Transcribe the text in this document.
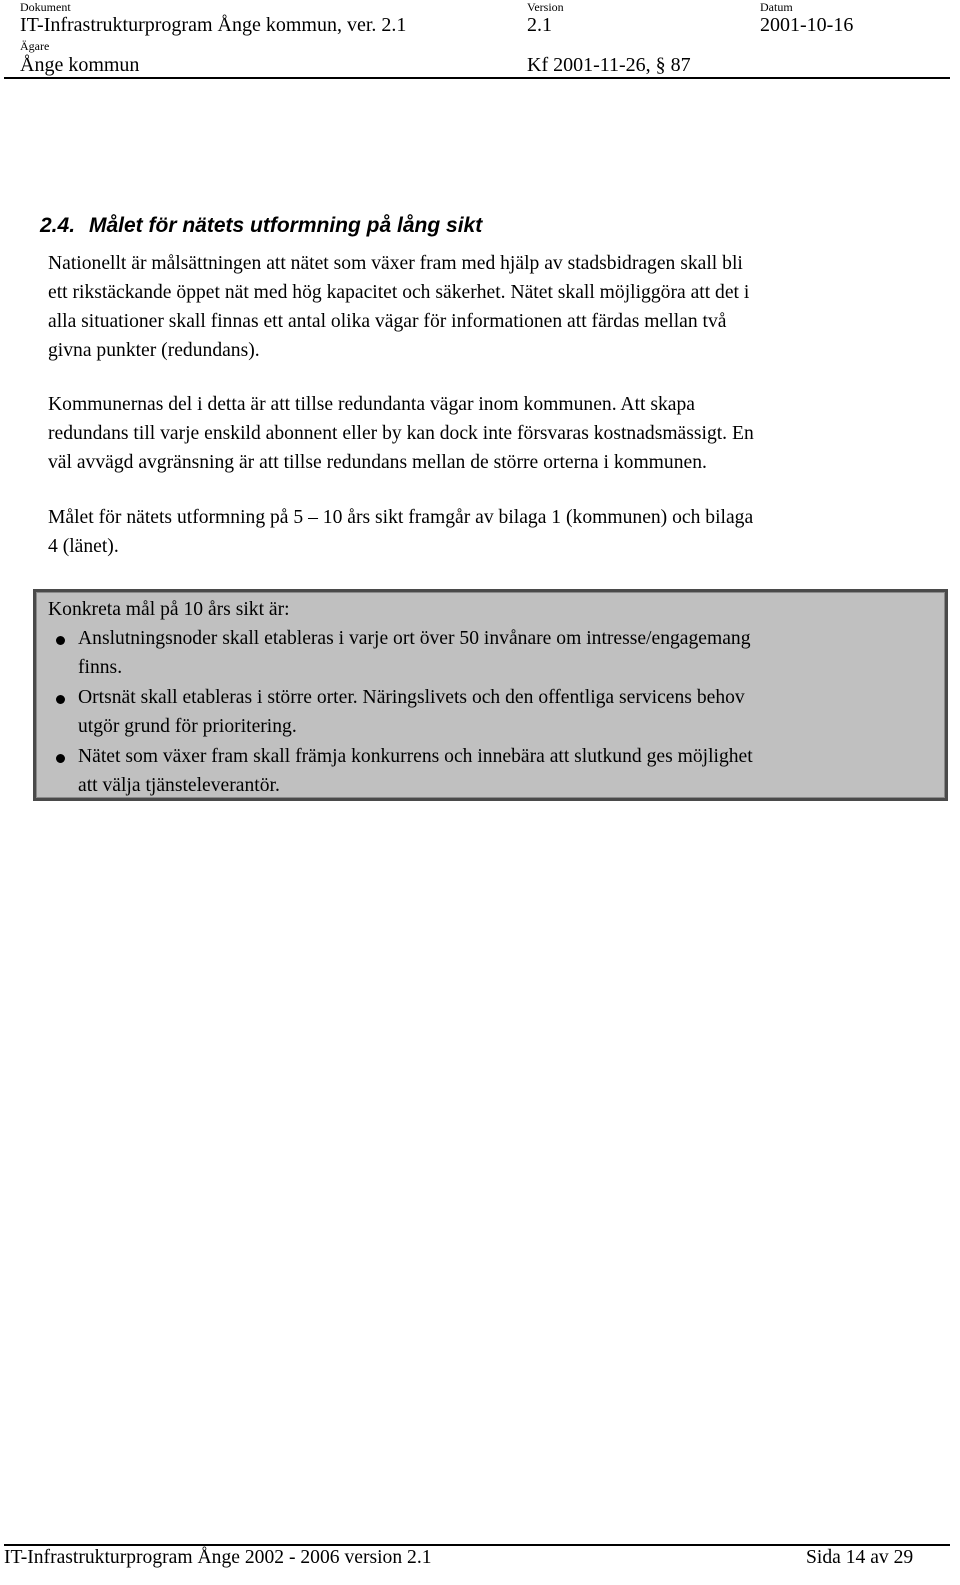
Dokument
IT-Infrastrukturprogram Ånge kommun, ver. 2.1
Version
2.1
Datum
2001-10-16
Ägare
Ånge kommun	Kf 2001-11-26, § 87
2.4. Målet för nätets utformning på lång sikt
Nationellt är målsättningen att nätet som växer fram med hjälp av stadsbidragen skall bli
ett rikstäckande öppet nät med hög kapacitet och säkerhet. Nätet skall möjliggöra att det i
alla situationer skall finnas ett antal olika vägar för informationen att färdas mellan två
givna punkter (redundans).
Kommunernas del i detta är att tillse redundanta vägar inom kommunen. Att skapa
redundans till varje enskild abonnent eller by kan dock inte försvaras kostnadsmässigt. En
väl avvägd avgränsning är att tillse redundans mellan de större orterna i kommunen.
Målet för nätets utformning på 5 – 10 års sikt framgår av bilaga 1 (kommunen) och bilaga
4 (länet).
Konkreta mål på 10 års sikt är:
Anslutningsnoder skall etableras i varje ort över 50 invånare om intresse/engagemang
finns.
Ortsnät skall etableras i större orter. Näringslivets och den offentliga servicens behov
utgör grund för prioritering.
Nätet som växer fram skall främja konkurrens och innebära att slutkund ges möjlighet
att välja tjänsteleverantör.
IT-Infrastrukturprogram Ånge 2002 - 2006 version 2.1	Sida 14 av 29
